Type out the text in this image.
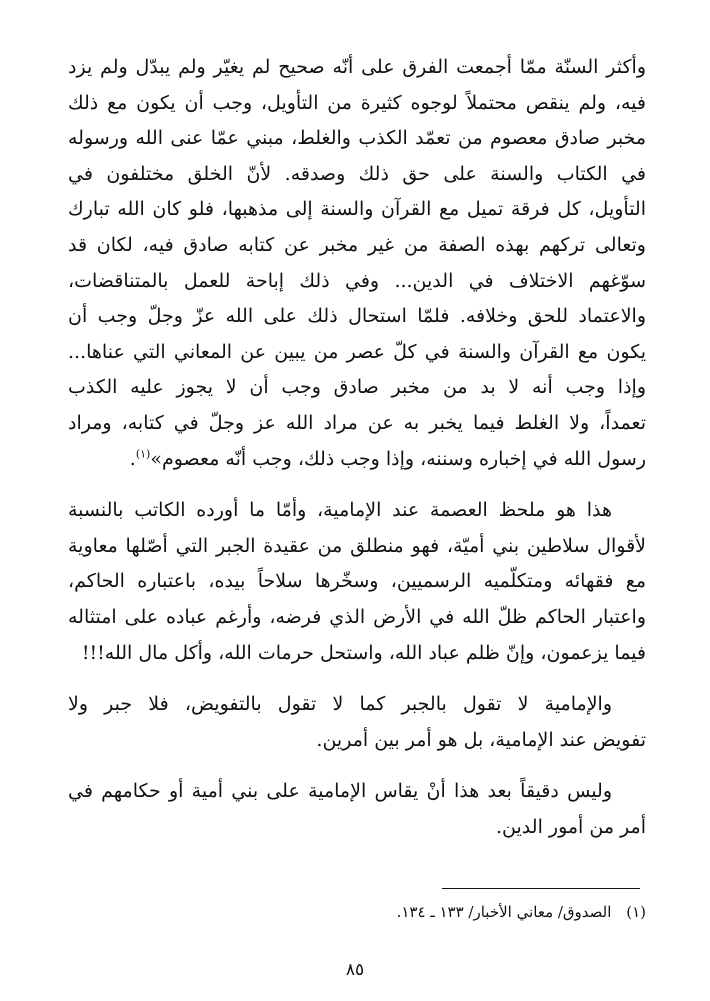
وأكثر السنّة ممّا أجمعت الفرق على أنّه صحيح لم يغيّر ولم يبدّل ولم يزد
فيه، ولم ينقص محتملاً لوجوه كثيرة من التأويل، وجب أن يكون مع ذلك
مخبر صادق معصوم من تعمّد الكذب والغلط، مبني عمّا عنى الله ورسوله
في الكتاب والسنة على حق ذلك وصدقه. لأنّ الخلق مختلفون في
التأويل، كل فرقة تميل مع القرآن والسنة إلى مذهبها، فلو كان الله تبارك
وتعالى تركهم بهذه الصفة من غير مخبر عن كتابه صادق فيه، لكان قد
سوّغهم الاختلاف في الدين... وفي ذلك إباحة للعمل بالمتناقضات،
والاعتماد للحق وخلافه. فلمّا استحال ذلك على الله عزّ وجلّ وجب أن
يكون مع القرآن والسنة في كلّ عصر من يبين عن المعاني التي عناها...
وإذا وجب أنه لا بد من مخبر صادق وجب أن لا يجوز عليه الكذب
تعمداً، ولا الغلط فيما يخبر به عن مراد الله عز وجلّ في كتابه، ومراد
رسول الله في إخباره وسننه، وإذا وجب ذلك، وجب أنّه معصوم»$^{(١)}$.
هذا هو ملحظ العصمة عند الإمامية، وأمّا ما أورده الكاتب بالنسبة
لأقوال سلاطين بني أميّة، فهو منطلق من عقيدة الجبر التي أصّلها معاوية
مع فقهائه ومتكلّميه الرسميين، وسخّرها سلاحاً بيده، باعتباره الحاكم،
واعتبار الحاكم ظلّ الله في الأرض الذي فرضه، وأرغم عباده على امتثاله
فيما يزعمون، وإنّ ظلم عباد الله، واستحل حرمات الله، وأكل مال الله!!!
والإمامية لا تقول بالجبر كما لا تقول بالتفويض، فلا جبر ولا
تفويض عند الإمامية، بل هو أمر بين أمرين.
وليس دقيقاً بعد هذا أنْ يقاس الإمامية على بني أمية أو حكامهم في
أمر من أمور الدين.
(١) الصدوق/ معاني الأخبار/ ١٣٣ ـ ١٣٤.
٨٥
